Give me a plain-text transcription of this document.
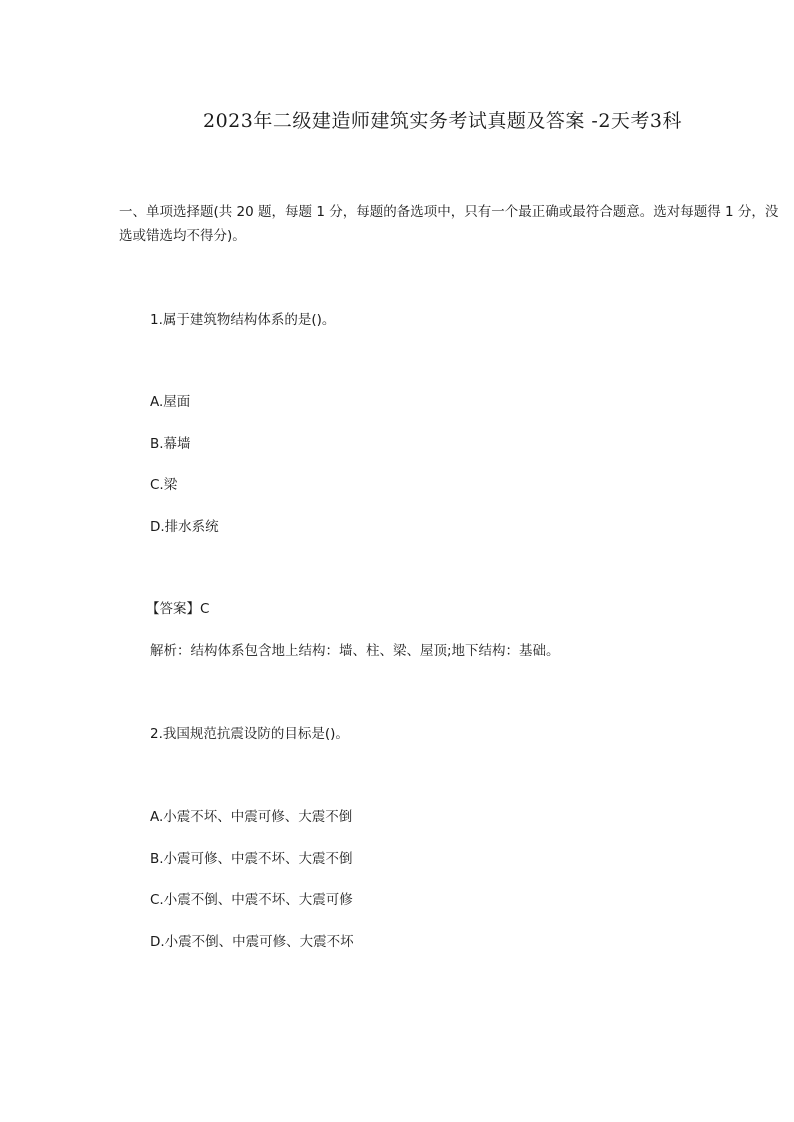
2023年二级建造师建筑实务考试真题及答案 -2天考3科
一、单项选择题(共 20 题，每题 1 分，每题的备选项中，只有一个最正确或最符合题意。选对每题得 1 分，没选或错选均不得分)。
1.属于建筑物结构体系的是()。
A.屋面
B.幕墙
C.梁
D.排水系统
【答案】C
解析：结构体系包含地上结构：墙、柱、梁、屋顶;地下结构：基础。
2.我国规范抗震设防的目标是()。
A.小震不坏、中震可修、大震不倒
B.小震可修、中震不坏、大震不倒
C.小震不倒、中震不坏、大震可修
D.小震不倒、中震可修、大震不坏
